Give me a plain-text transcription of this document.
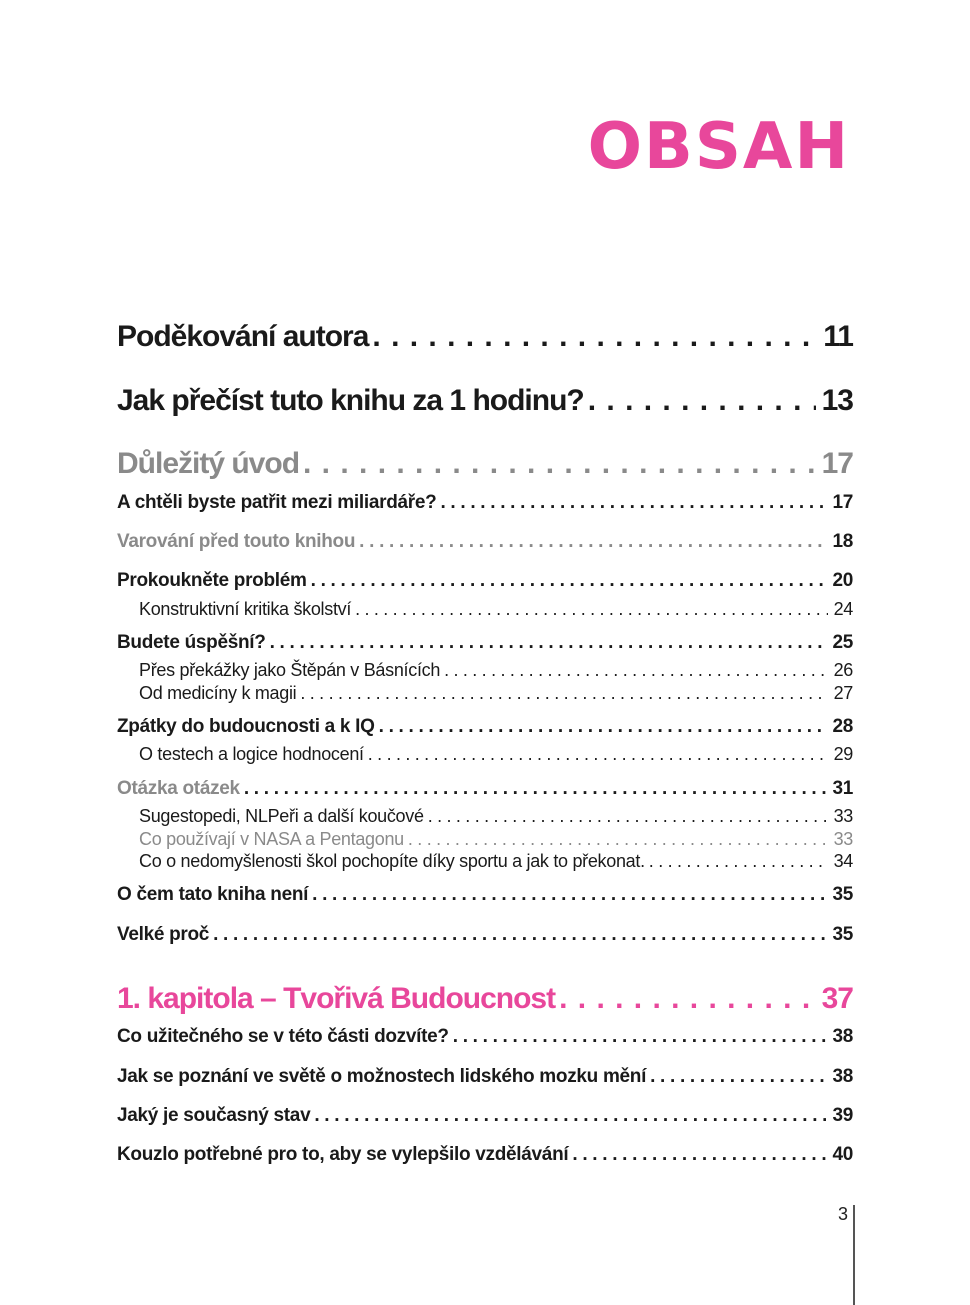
OBSAH
Poděkování autora . . .	11
Jak přečíst tuto knihu za 1 hodinu? . . .	13
Důležitý úvod . . .	17
A chtěli byste patřit mezi miliardáře? . . .	17
Varování před touto knihou . . .	18
Prokoukněte problém . . .	20
Konstruktivní kritika školství . . .	24
Budete úspěšní? . . .	25
Přes překážky jako Štěpán v Básnících . . .	26
Od medicíny k magii . . .	27
Zpátky do budoucnosti a k IQ . . .	28
O testech a logice hodnocení . . .	29
Otázka otázek . . .	31
Sugestopedi, NLPeři a další koučové . . .	33
Co používají v NASA a Pentagonu . . .	33
Co o nedomyšlenosti škol pochopíte díky sportu a jak to překonat. . . .	34
O čem tato kniha není . . .	35
Velké proč . . .	35
1. kapitola – Tvořivá Budoucnost . . .	37
Co užitečného se v této části dozvíte? . . .	38
Jak se poznání ve světě o možnostech lidského mozku mění . . .	38
Jaký je současný stav . . .	39
Kouzlo potřebné pro to, aby se vylepšilo vzdělávání . . .	40
3
